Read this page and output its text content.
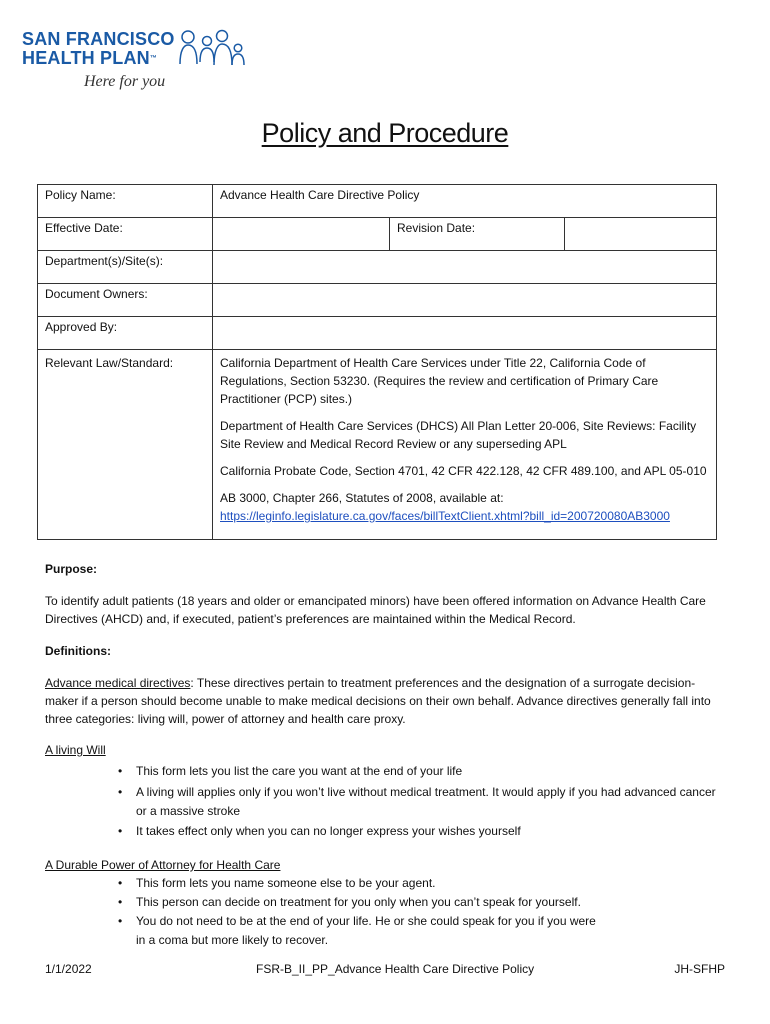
SAN FRANCISCO
HEALTH PLAN™
Here for you
Policy and Procedure
Policy Name:	Advance Health Care Directive Policy		
Effective Date:		Revision Date:	
Department(s)/Site(s):			
Document Owners:			
Approved By:			
Relevant Law/Standard:	California Department of Health Care Services under Title 22, California Code of Regulations, Section 53230. (Requires the review and certification of Primary Care Practitioner (PCP) sites.)

Department of Health Care Services (DHCS) All Plan Letter 20-006, Site Reviews: Facility Site Review and Medical Record Review or any superseding APL

California Probate Code, Section 4701, 42 CFR 422.128, 42 CFR 489.100, and APL 05-010

AB 3000, Chapter 266, Statutes of 2008, available at:
https://leginfo.legislature.ca.gov/faces/billTextClient.xhtml?bill_id=200720080AB3000		

Purpose:

To identify adult patients (18 years and older or emancipated minors) have been offered information on Advance Health Care Directives (AHCD) and, if executed, patient’s preferences are maintained within the Medical Record.

Definitions:

Advance medical directives: These directives pertain to treatment preferences and the designation of a surrogate decision-maker if a person should become unable to make medical decisions on their own behalf. Advance directives generally fall into three categories: living will, power of attorney and health care proxy.

A living Will

• This form lets you list the care you want at the end of your life
• A living will applies only if you won’t live without medical treatment. It would apply if you had advanced cancer or a massive stroke
• It takes effect only when you can no longer express your wishes yourself

A Durable Power of Attorney for Health Care

• This form lets you name someone else to be your agent.
• This person can decide on treatment for you only when you can’t speak for yourself.
• You do not need to be at the end of your life. He or she could speak for you if you were in a coma but more likely to recover.
1/1/2022	FSR-B_II_PP_Advance Health Care Directive Policy	JH-SFHP
